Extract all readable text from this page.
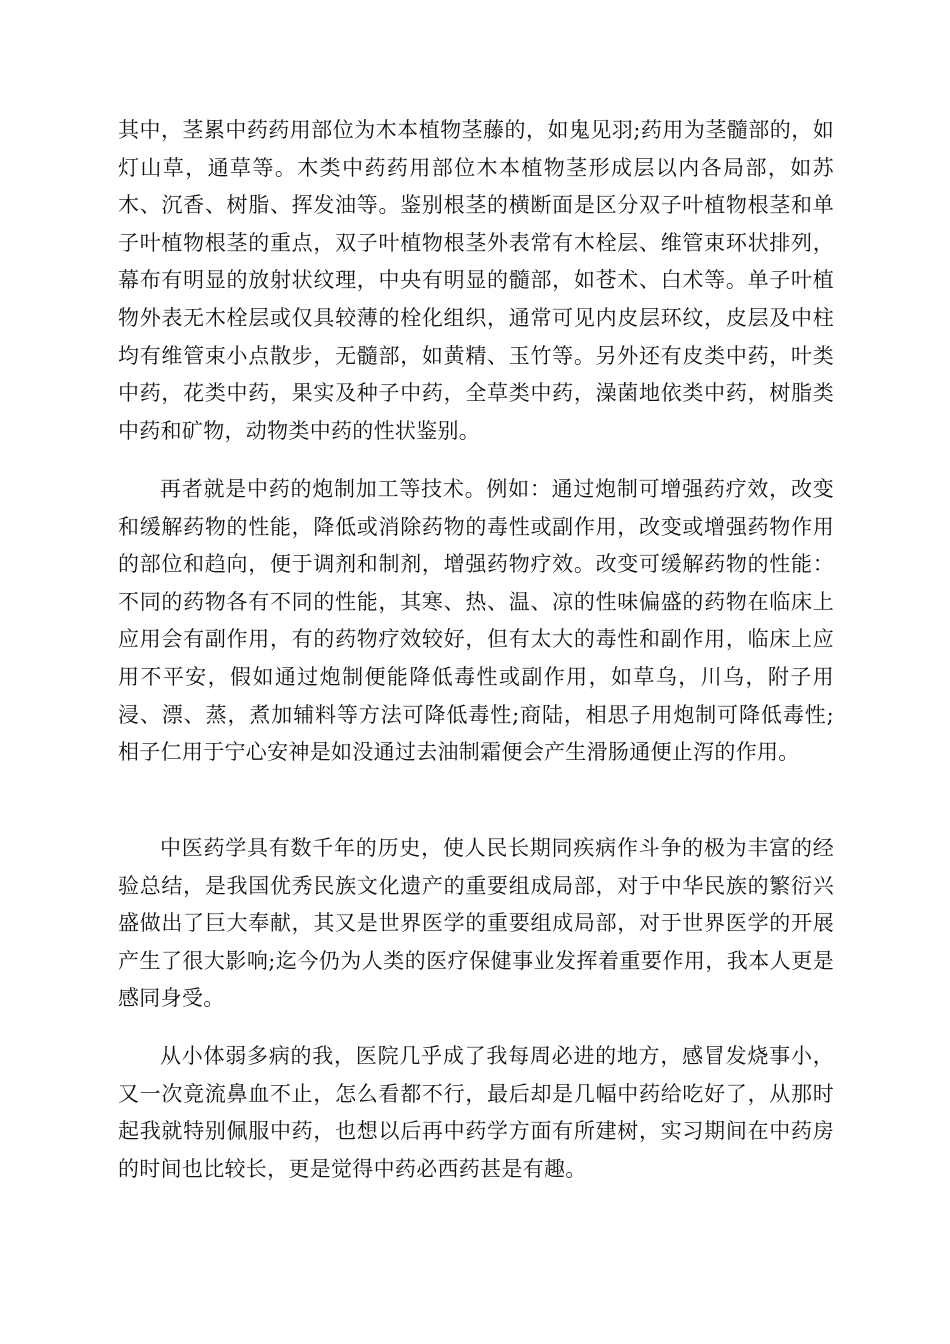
其中，茎累中药药用部位为木本植物茎藤的，如鬼见羽;药用为茎髓部的，如灯山草，通草等。木类中药药用部位木本植物茎形成层以内各局部，如苏木、沉香、树脂、挥发油等。鉴别根茎的横断面是区分双子叶植物根茎和单子叶植物根茎的重点，双子叶植物根茎外表常有木栓层、维管束环状排列，幕布有明显的放射状纹理，中央有明显的髓部，如苍术、白术等。单子叶植物外表无木栓层或仅具较薄的栓化组织，通常可见内皮层环纹，皮层及中柱均有维管束小点散步，无髓部，如黄精、玉竹等。另外还有皮类中药，叶类中药，花类中药，果实及种子中药，全草类中药，澡菌地依类中药，树脂类中药和矿物，动物类中药的性状鉴别。

再者就是中药的炮制加工等技术。例如：通过炮制可增强药疗效，改变和缓解药物的性能，降低或消除药物的毒性或副作用，改变或增强药物作用的部位和趋向，便于调剂和制剂，增强药物疗效。改变可缓解药物的性能：不同的药物各有不同的性能，其寒、热、温、凉的性味偏盛的药物在临床上应用会有副作用，有的药物疗效较好，但有太大的毒性和副作用，临床上应用不平安，假如通过炮制便能降低毒性或副作用，如草乌，川乌，附子用浸、漂、蒸，煮加辅料等方法可降低毒性;商陆，相思子用炮制可降低毒性;相子仁用于宁心安神是如没通过去油制霜便会产生滑肠通便止泻的作用。

中医药学具有数千年的历史，使人民长期同疾病作斗争的极为丰富的经验总结，是我国优秀民族文化遗产的重要组成局部，对于中华民族的繁衍兴盛做出了巨大奉献，其又是世界医学的重要组成局部，对于世界医学的开展产生了很大影响;迄今仍为人类的医疗保健事业发挥着重要作用，我本人更是感同身受。

从小体弱多病的我，医院几乎成了我每周必进的地方，感冒发烧事小，又一次竟流鼻血不止，怎么看都不行，最后却是几幅中药给吃好了，从那时起我就特别佩服中药，也想以后再中药学方面有所建树，实习期间在中药房的时间也比较长，更是觉得中药必西药甚是有趣。
